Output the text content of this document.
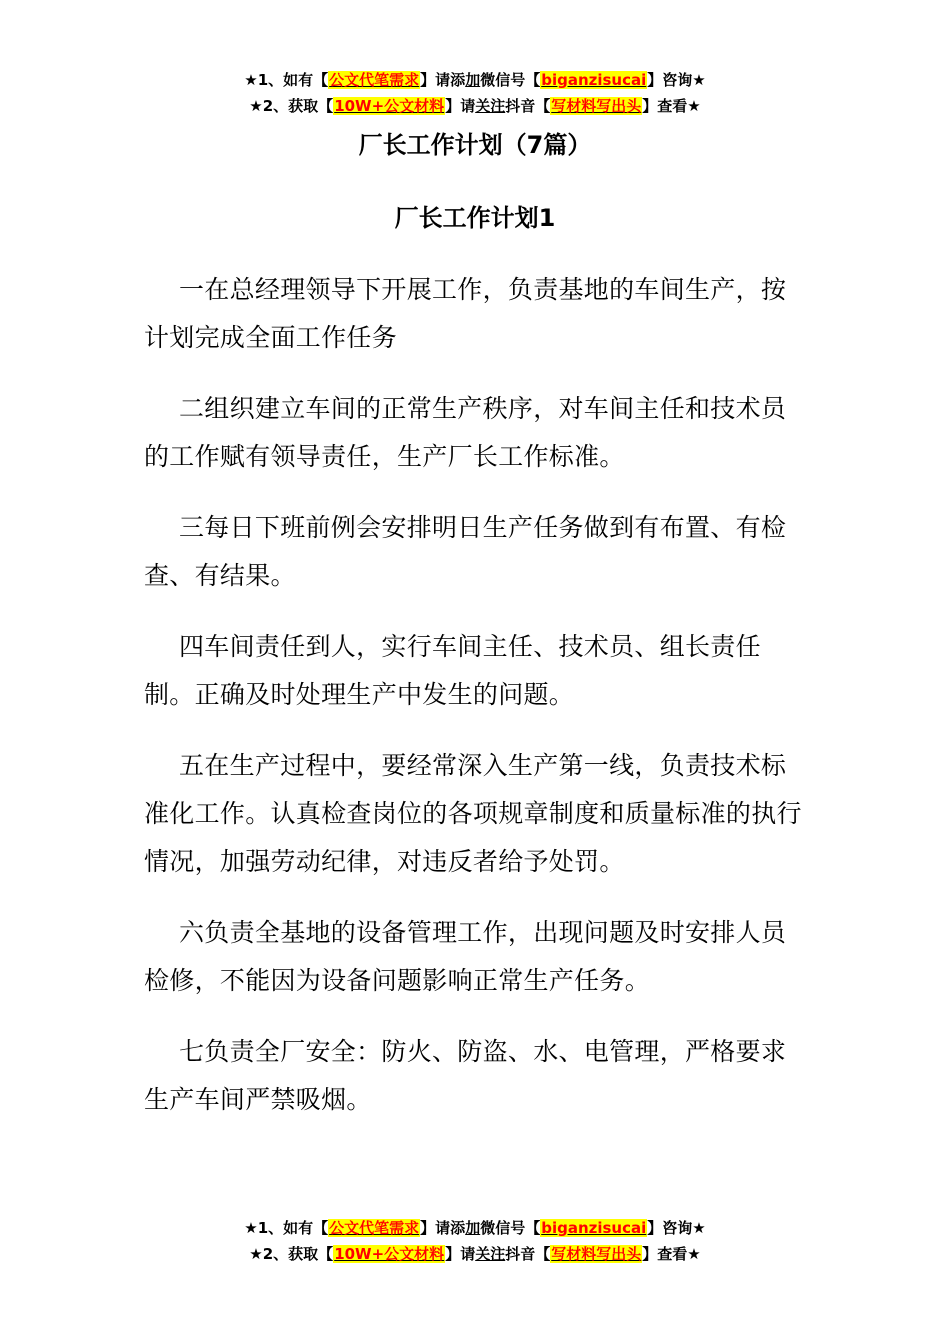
★1、如有【公文代笔需求】请添加微信号【biganzisucai】咨询★
★2、获取【10W+公文材料】请关注抖音【写材料写出头】查看★
厂长工作计划（7篇）
厂长工作计划1

一在总经理领导下开展工作，负责基地的车间生产，按计划完成全面工作任务

二组织建立车间的正常生产秩序，对车间主任和技术员的工作赋有领导责任，生产厂长工作标准。

三每日下班前例会安排明日生产任务做到有布置、有检查、有结果。

四车间责任到人，实行车间主任、技术员、组长责任制。正确及时处理生产中发生的问题。

五在生产过程中，要经常深入生产第一线，负责技术标准化工作。认真检查岗位的各项规章制度和质量标准的执行情况，加强劳动纪律，对违反者给予处罚。

六负责全基地的设备管理工作，出现问题及时安排人员检修，不能因为设备问题影响正常生产任务。

七负责全厂安全：防火、防盗、水、电管理，严格要求生产车间严禁吸烟。

★1、如有【公文代笔需求】请添加微信号【biganzisucai】咨询★
★2、获取【10W+公文材料】请关注抖音【写材料写出头】查看★
